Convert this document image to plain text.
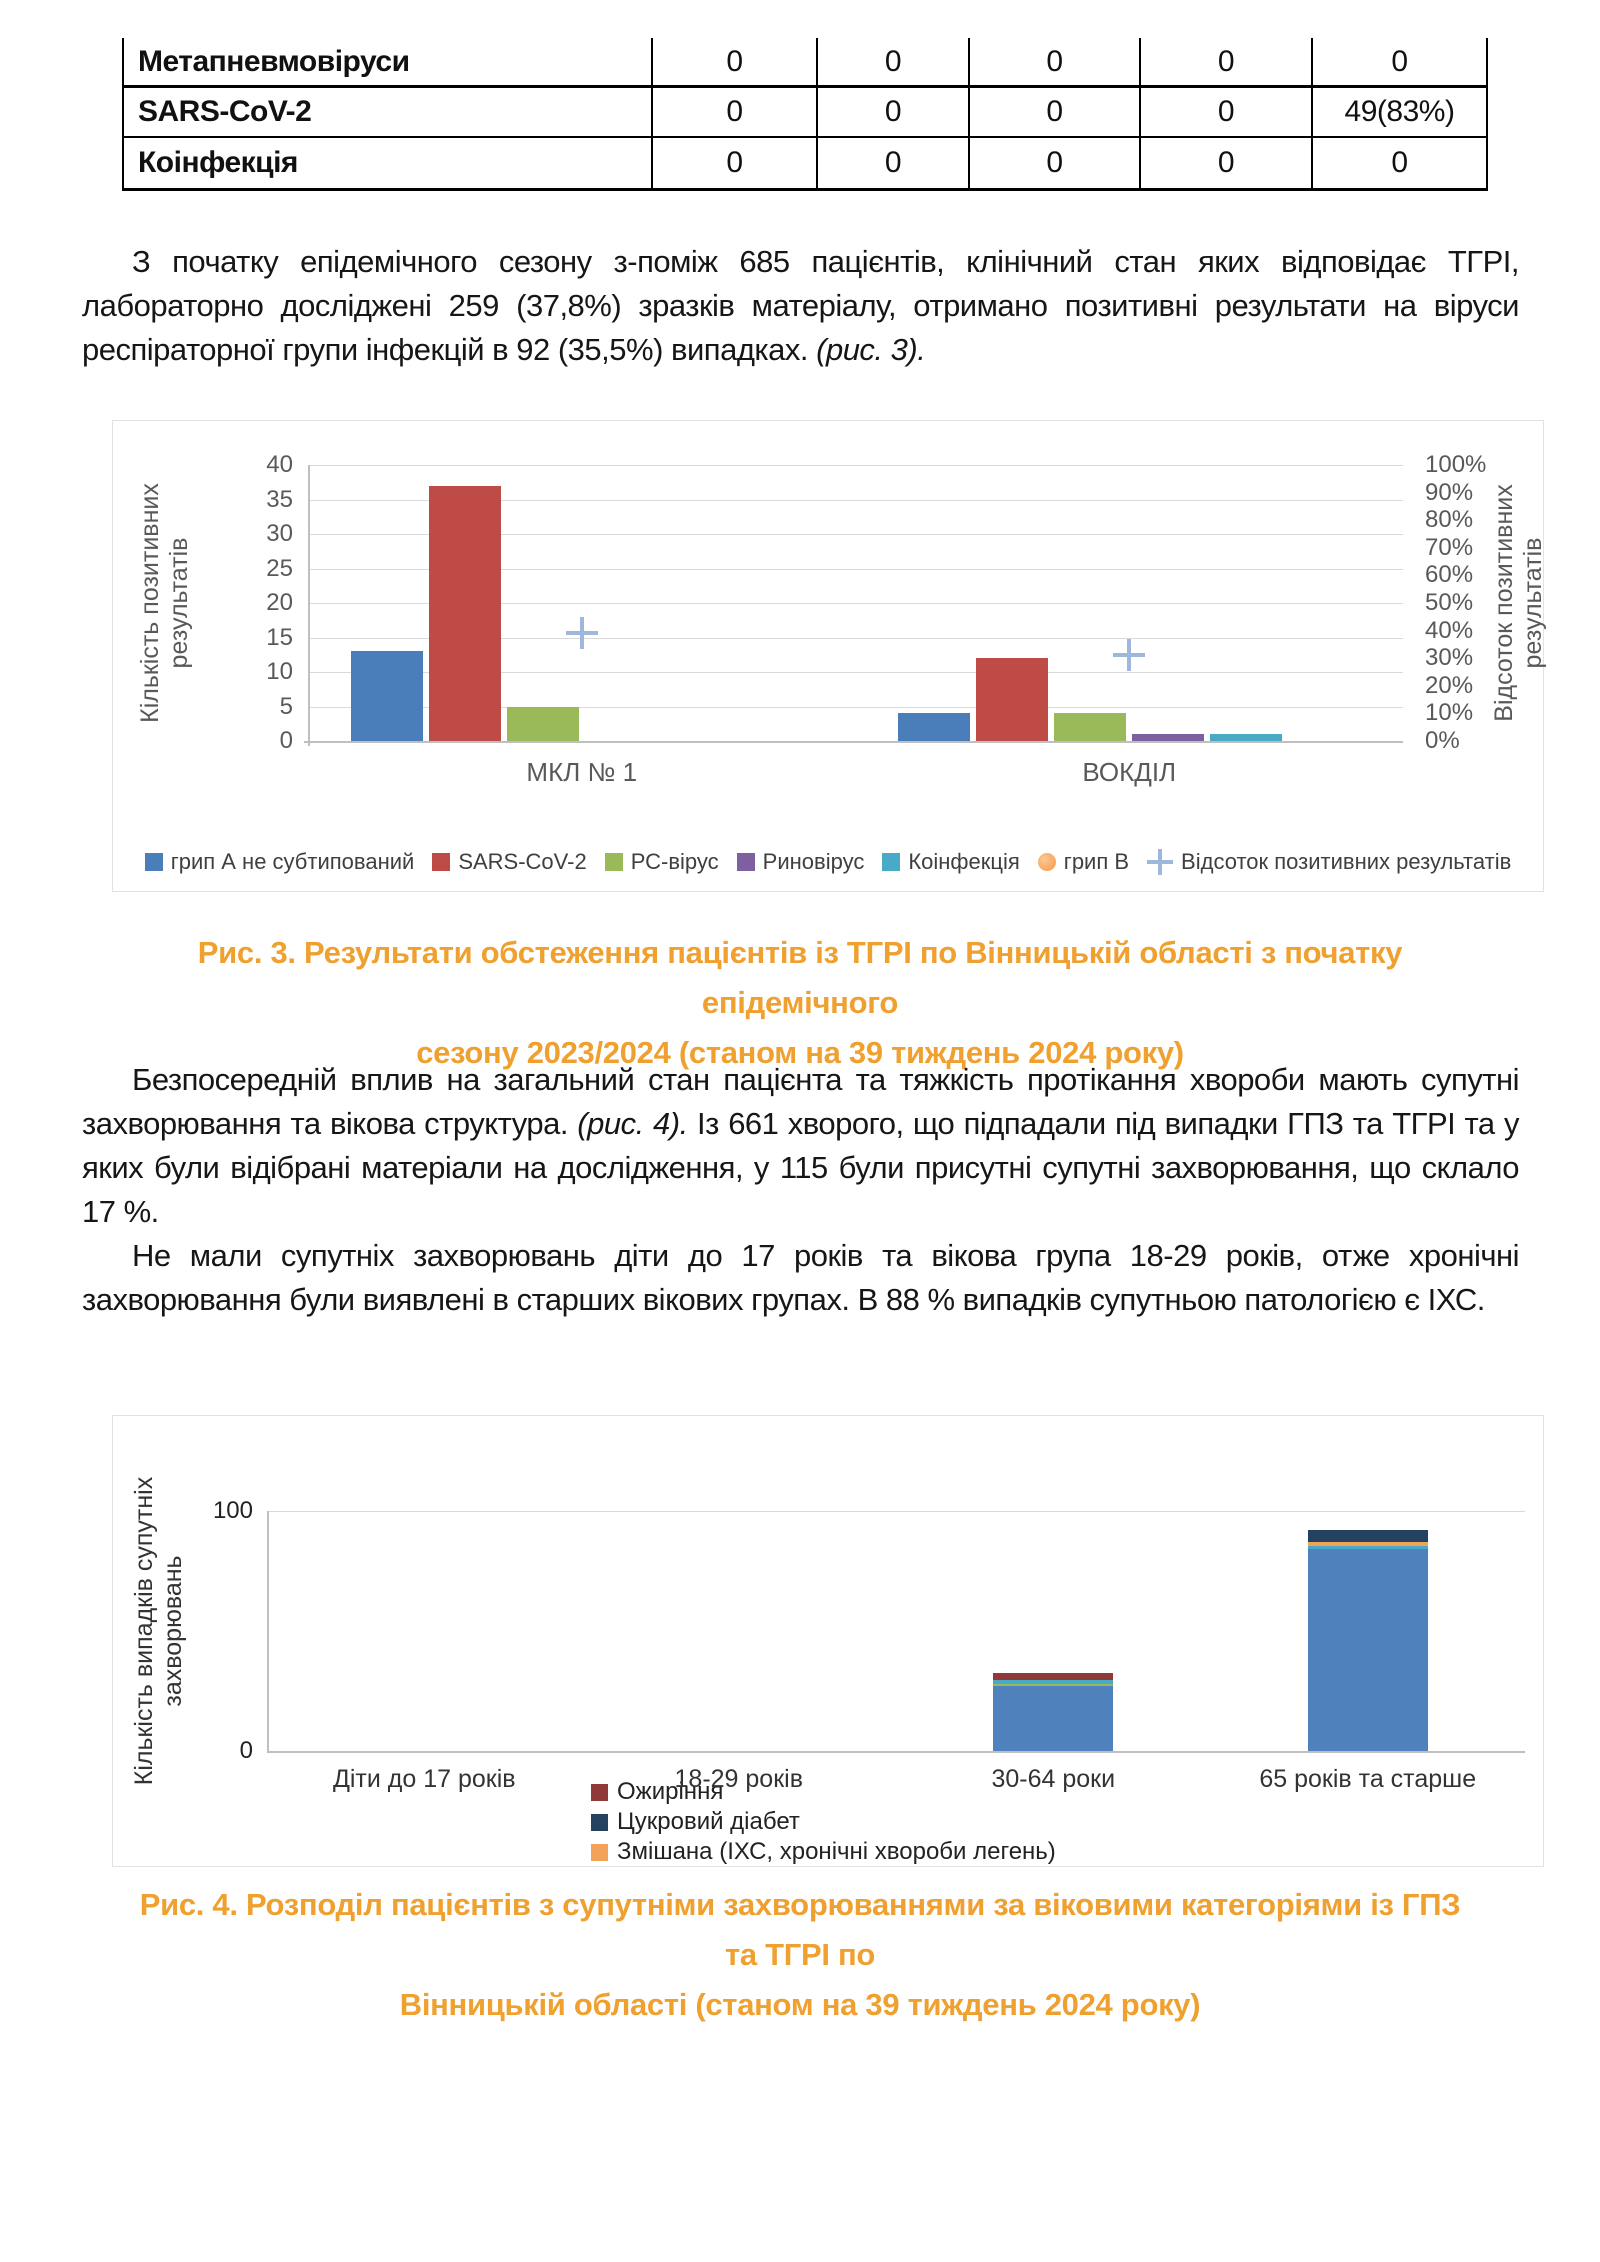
Метапневмовіруси	0	0	0	0	0
SARS-CoV-2	0	0	0	0	49(83%)
Коінфекція	0	0	0	0	0

З початку епідемічного сезону з-поміж 685 пацієнтів, клінічний стан яких відповідає ТГРІ, лабораторно досліджені 259 (37,8%) зразків матеріалу, отримано позитивні результати на віруси респіраторної групи інфекцій в 92 (35,5%) випадках. (рис. 3).

Кількість позитивних результатів	Відсоток позитивних результатів
грип А не субтипований SARS-CoV-2 РС-вірус Риновірус Коінфекція грип В Відсоток позитивних результатів
40
35
30
25
20
15
10
5
0
100%
90%
80%
70%
60%
50%
40%
30%
20%
10%
0%
МКЛ № 1	ВОКДІЛ
Рис. 3. Результати обстеження пацієнтів із ТГРІ по Вінницькій області з початку епідемічного
сезону 2023/2024 (станом на 39 тиждень 2024 року)

Безпосередній вплив на загальний стан пацієнта та тяжкість протікання хвороби мають супутні захворювання та вікова структура. (рис. 4). Із 661 хворого, що підпадали під випадки ГПЗ та ТГРІ та у яких були відібрані матеріали на дослідження, у 115 були присутні супутні захворювання, що склало 17 %.

Не мали супутніх захворювань діти до 17 років та вікова група 18-29 років, отже хронічні захворювання були виявлені в старших вікових групах. В 88 % випадків супутньою патологією є ІХС.

Кількість випадків супутніх захворювань
Ожиріння
Цукровий діабет
Змішана (ІХС, хронічні хвороби легень)
100
0
Діти до 17 років	18-29 років	30-64 роки	65 років та старше
Рис. 4. Розподіл пацієнтів з супутніми захворюваннями за віковими категоріями із ГПЗ та ТГРІ по
Вінницькій області (станом на 39 тиждень 2024 року)
